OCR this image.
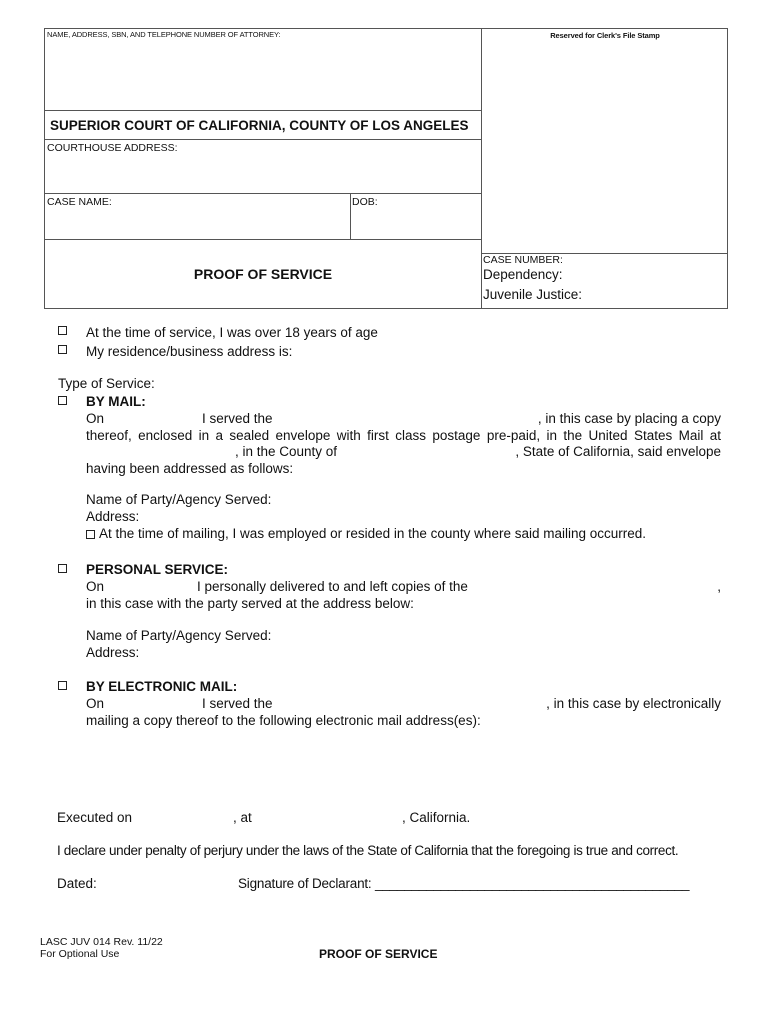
NAME, ADDRESS, SBN, AND TELEPHONE NUMBER OF ATTORNEY:	Reserved for Clerk's File Stamp
SUPERIOR COURT OF CALIFORNIA, COUNTY OF LOS ANGELES
COURTHOUSE ADDRESS:
CASE NAME:	DOB:
PROOF OF SERVICE
CASE NUMBER:
Dependency:
Juvenile Justice:
At the time of service, I was over 18 years of age
My residence/business address is:
Type of Service:
BY MAIL:
On	I served the	, in this case by placing a copy
thereof, enclosed in a sealed envelope with first class postage pre-paid, in the United States Mail at
, in the County of	, State of California, said envelope
having been addressed as follows:
Name of Party/Agency Served:
Address:
At the time of mailing, I was employed or resided in the county where said mailing occurred.
PERSONAL SERVICE:
On	I personally delivered to and left copies of the	,
in this case with the party served at the address below:
Name of Party/Agency Served:
Address:
BY ELECTRONIC MAIL:
On	I served the	, in this case by electronically
mailing a copy thereof to the following electronic mail address(es):
Executed on	, at	, California.
I declare under penalty of perjury under the laws of the State of California that the foregoing is true and correct.
Dated:	Signature of Declarant: ___________________________________________
LASC JUV 014 Rev. 11/22
For Optional Use	PROOF OF SERVICE
